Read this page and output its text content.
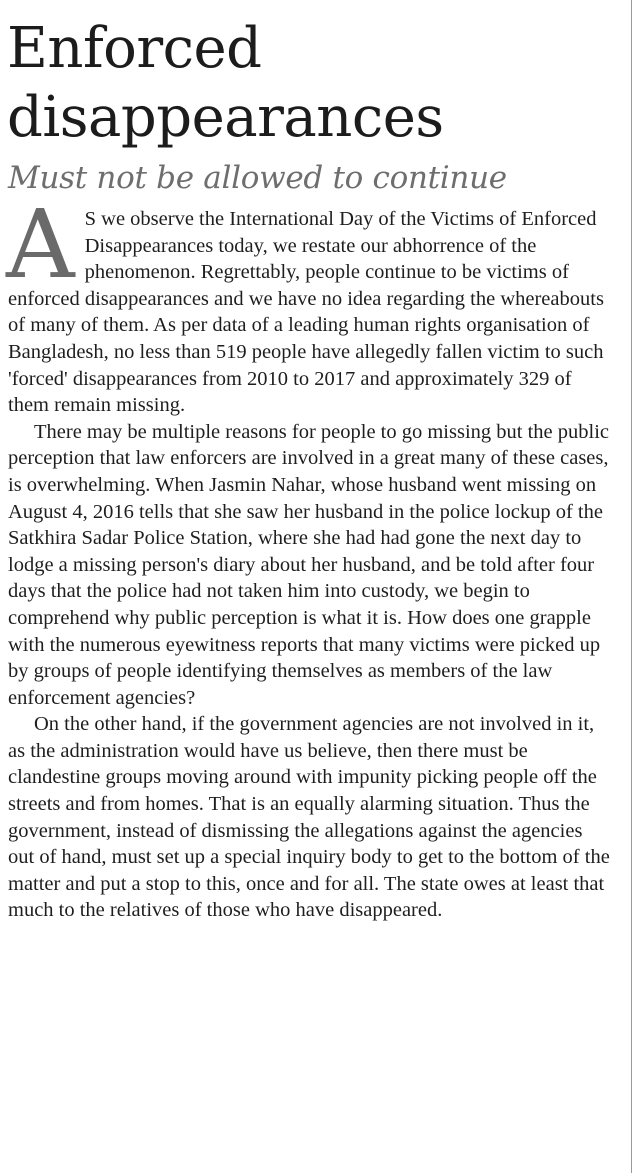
Enforced
disappearances
Must not be allowed to continue

A S we observe the International Day of the Victims of Enforced Disappearances today, we restate our abhorrence of the phenomenon. Regrettably, people continue to be victims of enforced disappearances and we have no idea regarding the whereabouts of many of them. As per data of a leading human rights organisation of Bangladesh, no less than 519 people have allegedly fallen victim to such 'forced' disappearances from 2010 to 2017 and approximately 329 of them remain missing.

There may be multiple reasons for people to go missing but the public perception that law enforcers are involved in a great many of these cases, is overwhelming. When Jasmin Nahar, whose husband went missing on August 4, 2016 tells that she saw her husband in the police lockup of the Satkhira Sadar Police Station, where she had had gone the next day to lodge a missing person's diary about her husband, and be told after four days that the police had not taken him into custody, we begin to comprehend why public perception is what it is. How does one grapple with the numerous eyewitness reports that many victims were picked up by groups of people identifying themselves as members of the law enforcement agencies?

On the other hand, if the government agencies are not involved in it, as the administration would have us believe, then there must be clandestine groups moving around with impunity picking people off the streets and from homes. That is an equally alarming situation. Thus the government, instead of dismissing the allegations against the agencies out of hand, must set up a special inquiry body to get to the bottom of the matter and put a stop to this, once and for all. The state owes at least that much to the relatives of those who have disappeared.
